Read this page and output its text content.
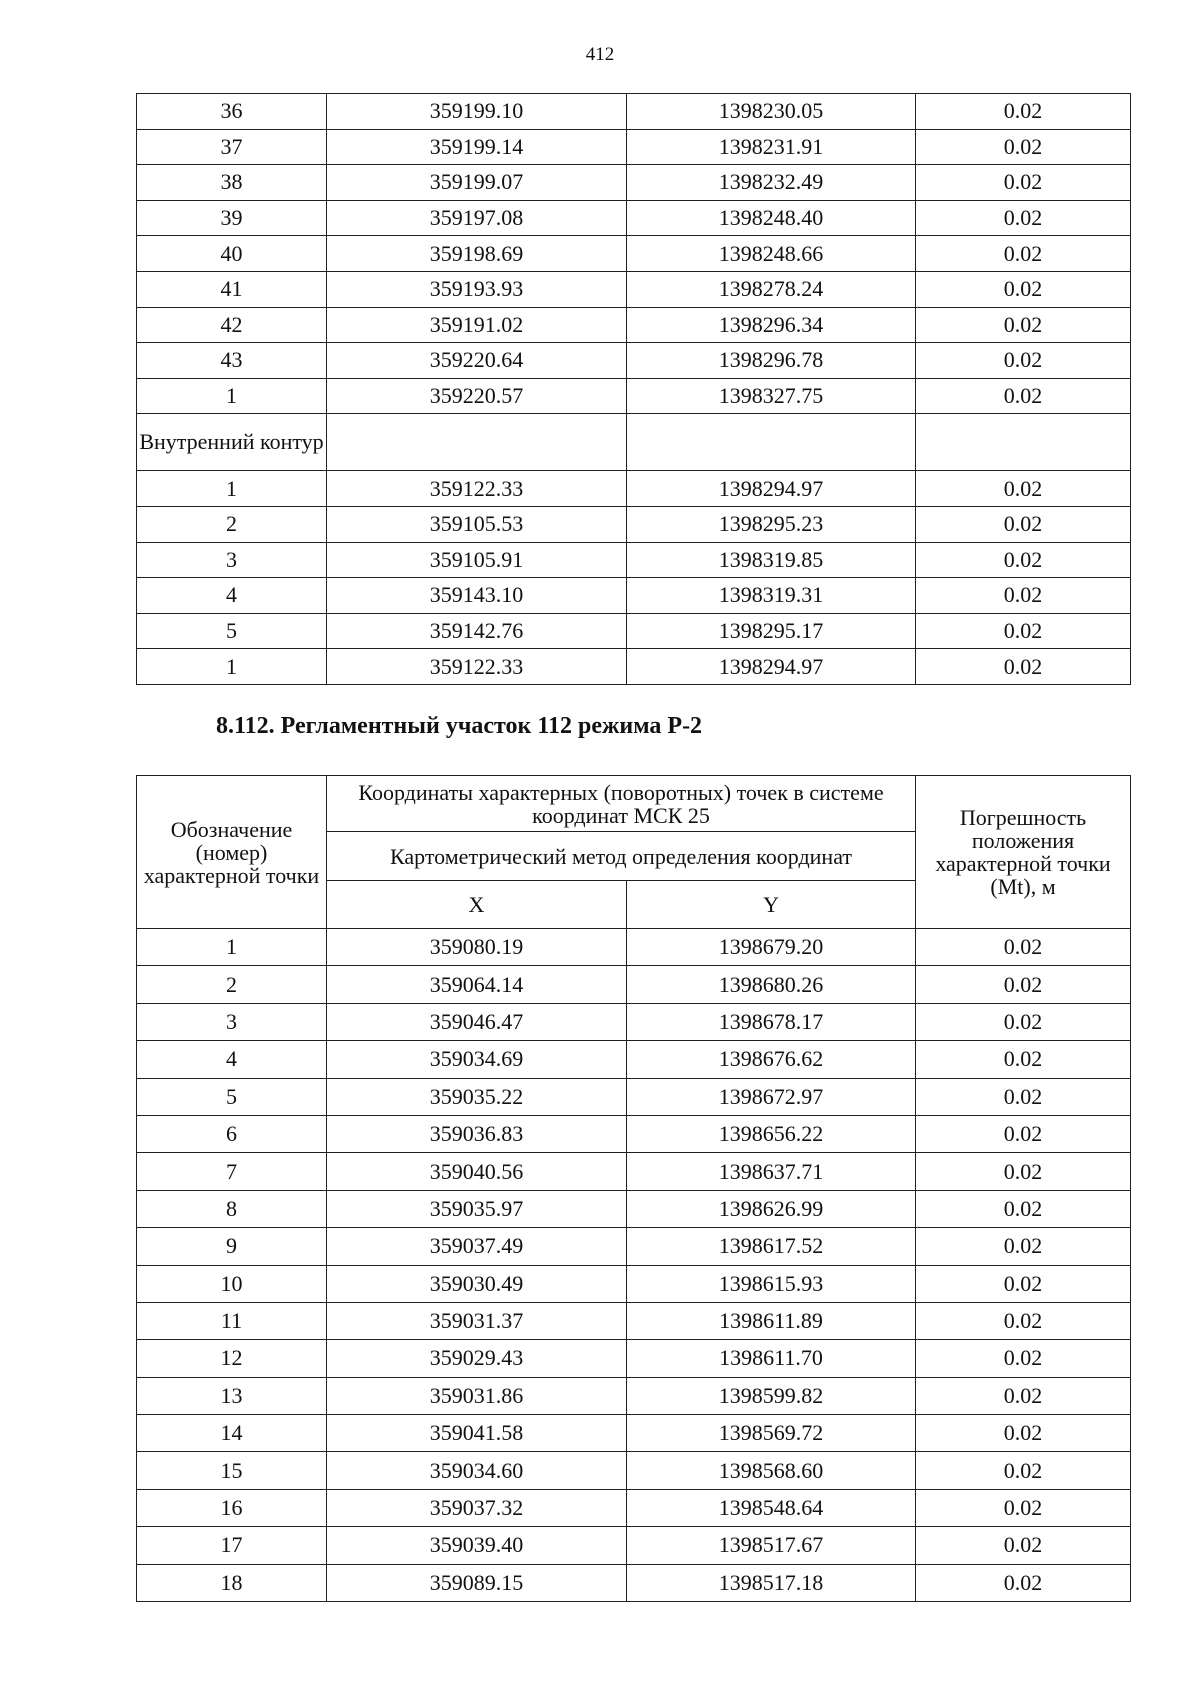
412
36	359199.10	1398230.05	0.02
37	359199.14	1398231.91	0.02
38	359199.07	1398232.49	0.02
39	359197.08	1398248.40	0.02
40	359198.69	1398248.66	0.02
41	359193.93	1398278.24	0.02
42	359191.02	1398296.34	0.02
43	359220.64	1398296.78	0.02
1	359220.57	1398327.75	0.02
Внутренний контур			
1	359122.33	1398294.97	0.02
2	359105.53	1398295.23	0.02
3	359105.91	1398319.85	0.02
4	359143.10	1398319.31	0.02
5	359142.76	1398295.17	0.02
1	359122.33	1398294.97	0.02
8.112. Регламентный участок 112 режима Р-2
Обозначение (номер) характерной точки	Координаты характерных (поворотных) точек в системе координат МСК 25		Погрешность положения характерной точки (Mt), м
	Картометрический метод определения координат		
	X	Y	
1	359080.19	1398679.20	0.02
2	359064.14	1398680.26	0.02
3	359046.47	1398678.17	0.02
4	359034.69	1398676.62	0.02
5	359035.22	1398672.97	0.02
6	359036.83	1398656.22	0.02
7	359040.56	1398637.71	0.02
8	359035.97	1398626.99	0.02
9	359037.49	1398617.52	0.02
10	359030.49	1398615.93	0.02
11	359031.37	1398611.89	0.02
12	359029.43	1398611.70	0.02
13	359031.86	1398599.82	0.02
14	359041.58	1398569.72	0.02
15	359034.60	1398568.60	0.02
16	359037.32	1398548.64	0.02
17	359039.40	1398517.67	0.02
18	359089.15	1398517.18	0.02
